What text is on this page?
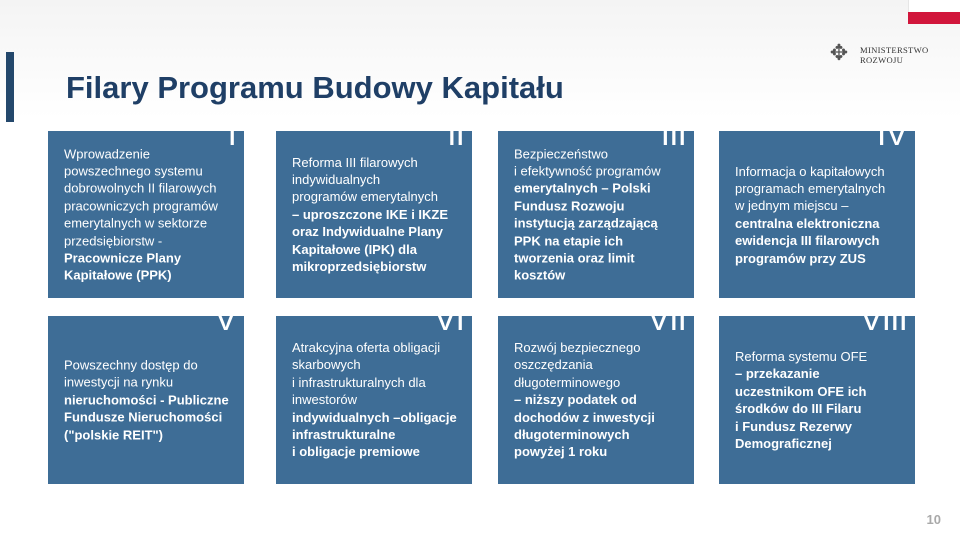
Filary Programu Budowy Kapitału
✥	MINISTERSTWO
ROZWOJU
I
Wprowadzenie
powszechnego systemu
dobrowolnych II filarowych
pracowniczych programów
emerytalnych w sektorze
przedsiębiorstw -
Pracownicze Plany
Kapitałowe (PPK)
II
Reforma III filarowych
indywidualnych
programów emerytalnych
– uproszczone IKE i IKZE
oraz Indywidualne Plany
Kapitałowe (IPK) dla
mikroprzedsiębiorstw
III
Bezpieczeństwo
i efektywność programów
emerytalnych – Polski
Fundusz Rozwoju
instytucją zarządzającą
PPK na etapie ich
tworzenia oraz limit
kosztów
IV
Informacja o kapitałowych
programach emerytalnych
w jednym miejscu –
centralna elektroniczna
ewidencja III filarowych
programów przy ZUS
V
Powszechny dostęp do
inwestycji na rynku
nieruchomości - Publiczne
Fundusze Nieruchomości
("polskie REIT")
VI
Atrakcyjna oferta obligacji
skarbowych
i infrastrukturalnych dla
inwestorów
indywidualnych –obligacje
infrastrukturalne
i obligacje premiowe
VII
Rozwój bezpiecznego
oszczędzania
długoterminowego
– niższy podatek od
dochodów z inwestycji
długoterminowych
powyżej 1 roku
VIII
Reforma systemu OFE
– przekazanie
uczestnikom OFE ich
środków do III Filaru
i Fundusz Rezerwy
Demograficznej
10
